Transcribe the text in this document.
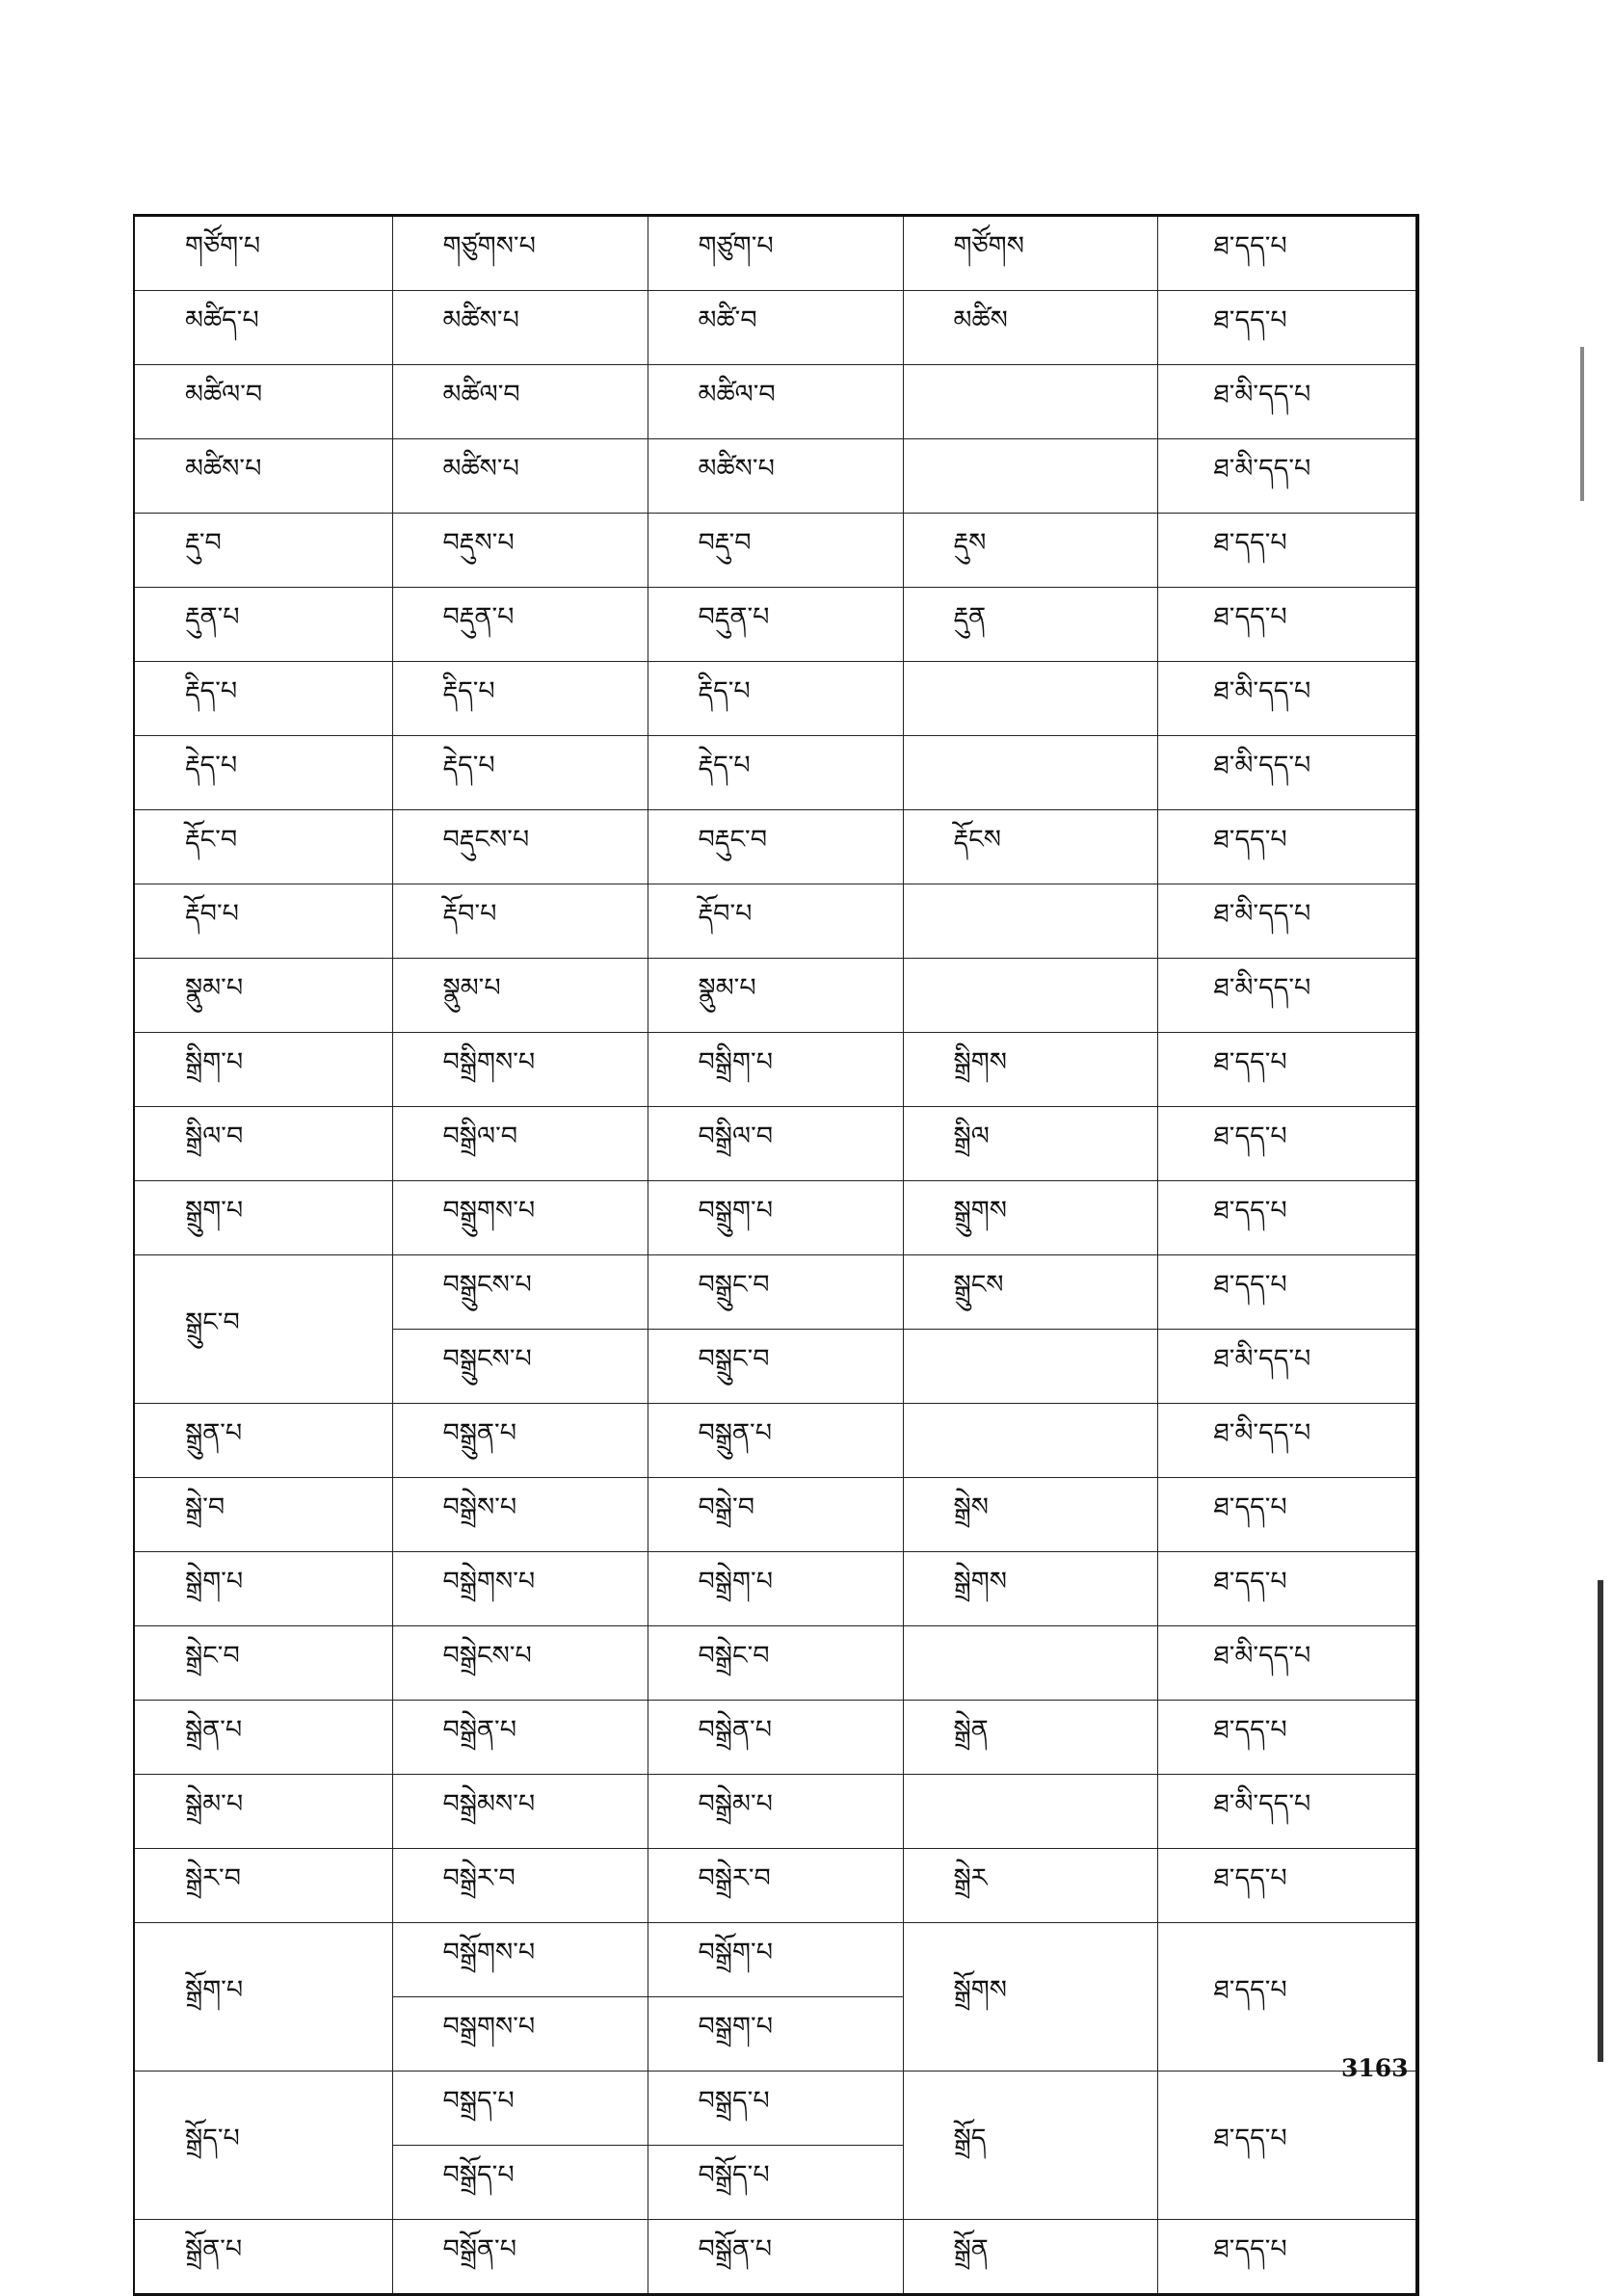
གཙོག་པ	གཙུགས་པ	གཙུག་པ	གཙོགས	ཐ་དད་པ
མཚིད་པ	མཚིས་པ	མཚི་བ	མཚིས	ཐ་དད་པ
མཚིལ་བ	མཚིལ་བ	མཚིལ་བ		ཐ་མི་དད་པ
མཚིས་པ	མཚིས་པ	མཚིས་པ		ཐ་མི་དད་པ
རྡུ་བ	བརྡུས་པ	བརྡུ་བ	རྡུས	ཐ་དད་པ
རྡུན་པ	བརྡུན་པ	བརྡུན་པ	རྡུན	ཐ་དད་པ
རྡིད་པ	རྡིད་པ	རྡིད་པ		ཐ་མི་དད་པ
རྡེད་པ	རྡེད་པ	རྡེད་པ		ཐ་མི་དད་པ
རྡོང་བ	བརྡུངས་པ	བརྡུང་བ	རྡོངས	ཐ་དད་པ
རྡོབ་པ	རྡོབ་པ	རྡོབ་པ		ཐ་མི་དད་པ
སྣུམ་པ	སྣུམ་པ	སྣུམ་པ		ཐ་མི་དད་པ
སྒྲིག་པ	བསྒྲིགས་པ	བསྒྲིག་པ	སྒྲིགས	ཐ་དད་པ
སྒྲིལ་བ	བསྒྲིལ་བ	བསྒྲིལ་བ	སྒྲིལ	ཐ་དད་པ
སྒྲུག་པ	བསྒྲུགས་པ	བསྒྲུག་པ	སྒྲུགས	ཐ་དད་པ
སྒྲུང་བ	བསྒྲུངས་པ	བསྒྲུང་བ	སྒྲུངས	ཐ་དད་པ
	བསྒྲུངས་པ	བསྒྲུང་བ		ཐ་མི་དད་པ
སྒྲུན་པ	བསྒྲུན་པ	བསྒྲུན་པ		ཐ་མི་དད་པ
སྒྲེ་བ	བསྒྲེས་པ	བསྒྲེ་བ	སྒྲེས	ཐ་དད་པ
སྒྲེག་པ	བསྒྲེགས་པ	བསྒྲེག་པ	སྒྲེགས	ཐ་དད་པ
སྒྲེང་བ	བསྒྲེངས་པ	བསྒྲེང་བ		ཐ་མི་དད་པ
སྒྲེན་པ	བསྒྲེན་པ	བསྒྲེན་པ	སྒྲེན	ཐ་དད་པ
སྒྲེམ་པ	བསྒྲེམས་པ	བསྒྲེམ་པ		ཐ་མི་དད་པ
སྒྲེར་བ	བསྒྲེར་བ	བསྒྲེར་བ	སྒྲེར	ཐ་དད་པ
སྒྲོག་པ	བསྒྲོགས་པ	བསྒྲོག་པ	སྒྲོགས	ཐ་དད་པ
	བསྒྲགས་པ	བསྒྲག་པ		
སྒྲོད་པ	བསྒྲད་པ	བསྒྲད་པ	སྒྲོད	ཐ་དད་པ
	བསྒྲོད་པ	བསྒྲོད་པ		
སྒྲོན་པ	བསྒྲོན་པ	བསྒྲོན་པ	སྒྲོན	ཐ་དད་པ
3163
